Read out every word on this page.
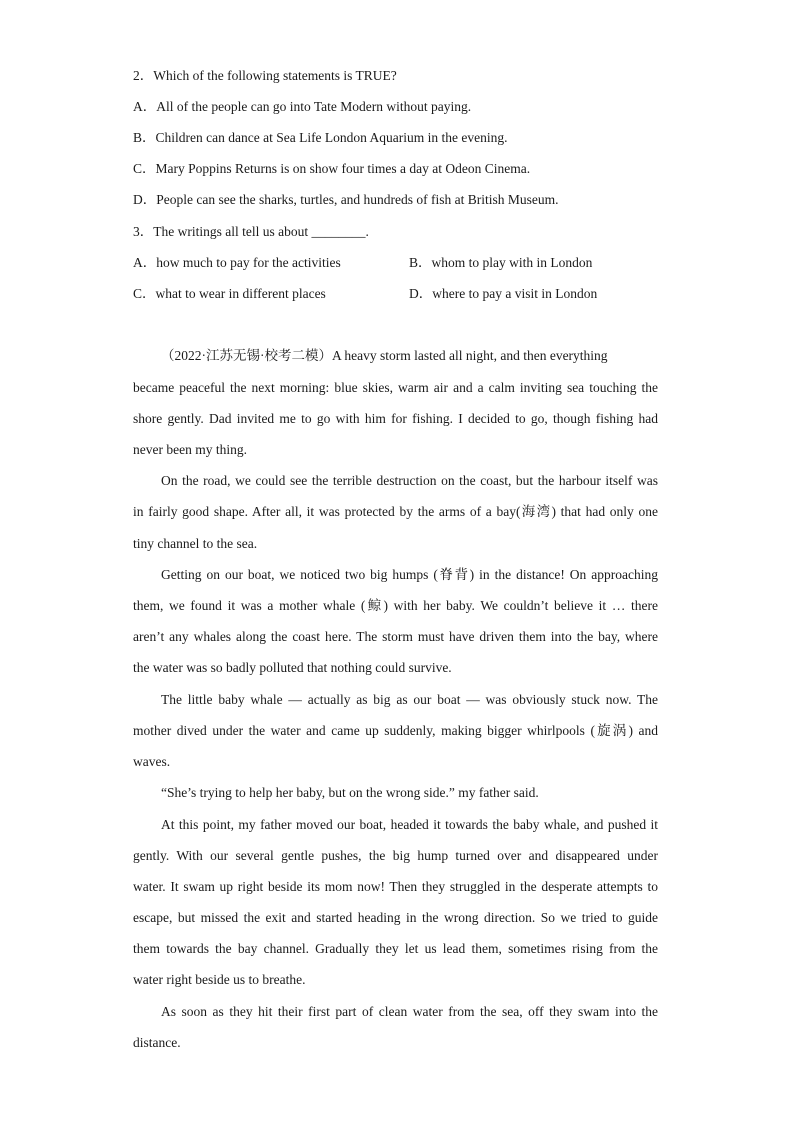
2．Which of the following statements is TRUE?
A．All of the people can go into Tate Modern without paying.
B．Children can dance at Sea Life London Aquarium in the evening.
C．Mary Poppins Returns is on show four times a day at Odeon Cinema.
D．People can see the sharks, turtles, and hundreds of fish at British Museum.
3．The writings all tell us about ________.
A．how much to pay for the activities	B．whom to play with in London
C．what to wear in different places	D．where to pay a visit in London
（2022·江苏无锡·校考二模）A heavy storm lasted all night, and then everything
became peaceful the next morning: blue skies, warm air and a calm inviting sea touching the
shore gently. Dad invited me to go with him for fishing. I decided to go, though fishing had
never been my thing.
On the road, we could see the terrible destruction on the coast, but the harbour itself was
in fairly good shape. After all, it was protected by the arms of a bay(海湾) that had only one
tiny channel to the sea.
Getting on our boat, we noticed two big humps (脊背) in the distance! On approaching
them, we found it was a mother whale (鲸) with her baby. We couldn’t believe it … there
aren’t any whales along the coast here. The storm must have driven them into the bay, where
the water was so badly polluted that nothing could survive.
The little baby whale — actually as big as our boat — was obviously stuck now. The
mother dived under the water and came up suddenly, making bigger whirlpools (旋涡) and
waves.
“She’s trying to help her baby, but on the wrong side.” my father said.
At this point, my father moved our boat, headed it towards the baby whale, and pushed it
gently. With our several gentle pushes, the big hump turned over and disappeared under
water. It swam up right beside its mom now! Then they struggled in the desperate attempts to
escape, but missed the exit and started heading in the wrong direction. So we tried to guide
them towards the bay channel. Gradually they let us lead them, sometimes rising from the
water right beside us to breathe.
As soon as they hit their first part of clean water from the sea, off they swam into the
distance.
